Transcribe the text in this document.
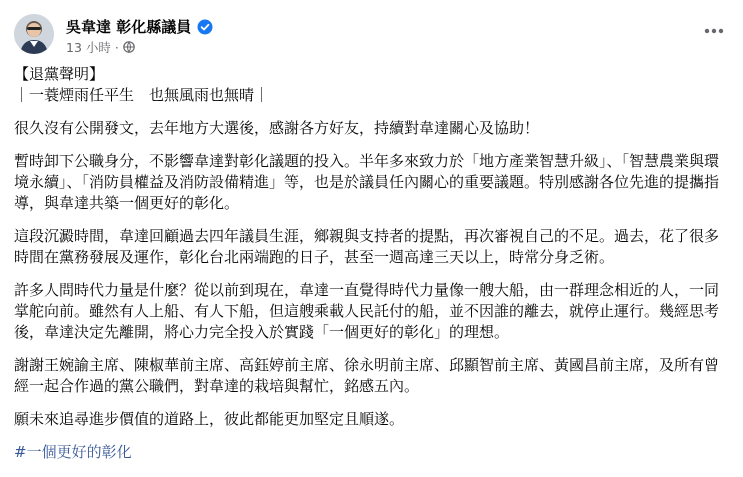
吳韋達 彰化縣議員
13 小時 ·

【退黨聲明】
｜一蓑煙雨任平生　也無風雨也無晴｜

很久沒有公開發文，去年地方大選後，感謝各方好友，持續對韋達關心及協助！

暫時卸下公職身分，不影響韋達對彰化議題的投入。半年多來致力於「地方產業智慧升級」、「智慧農業與環境永續」、「消防員權益及消防設備精進」等，也是於議員任內關心的重要議題。特別感謝各位先進的提攜指導，與韋達共築一個更好的彰化。

這段沉澱時間，韋達回顧過去四年議員生涯，鄉親與支持者的提點，再次審視自己的不足。過去，花了很多時間在黨務發展及運作，彰化台北兩端跑的日子，甚至一週高達三天以上，時常分身乏術。

許多人問時代力量是什麼？從以前到現在，韋達一直覺得時代力量像一艘大船，由一群理念相近的人，一同掌舵向前。雖然有人上船、有人下船，但這艘乘載人民託付的船，並不因誰的離去，就停止運行。幾經思考後，韋達決定先離開，將心力完全投入於實踐「一個更好的彰化」的理想。

謝謝王婉諭主席、陳椒華前主席、高鈺婷前主席、徐永明前主席、邱顯智前主席、黃國昌前主席，及所有曾經一起合作過的黨公職們，對韋達的栽培與幫忙，銘感五內。

願未來追尋進步價值的道路上，彼此都能更加堅定且順遂。

#一個更好的彰化
